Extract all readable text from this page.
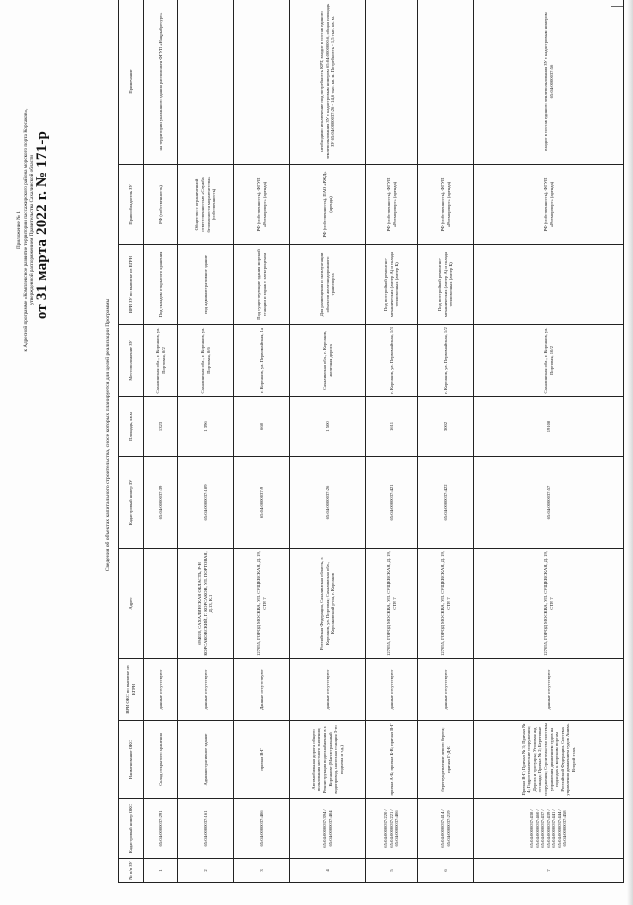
Приложение № 1 к Адресной программе «Комплексное развитие территории пассажирского района морского порта Корсаков», утвержденной распоряжением Правительства Сахалинской области
от 31 марта 2022 г. № 171-р
Сведения об объектах капитального строительства, сносе которых планируется для целей реализации Программы
№ п/п ЗУ	Кадастровый номер ОКС	Наименование ОКС	ВРИ ОКС по выписке из ЕГРН	Адрес	Кадастровый номер ЗУ	Площадь, кв.м	Местоположение ЗУ	ВРИ ЗУ по выписке из ЕГРН	Правообладатель ЗУ	Примечание
1	65:04:0000037:291	Склад открытого хранения	данные отсутствуют		65:04:0000037:39	1323	Сахалинская обл., г. Корсаков, ул. Портовая, 8/2	Под складом открытого хранения	РФ (собственность)	на территории указанного здания расположен ФГУП «Нацрыбресурс»
2	65:04:0000037:161	Административное здание	данные отсутствуют	694020, САХАЛИНСКАЯ ОБЛАСТЬ, Р-Н КОРСАКОВСКИЙ, Г. КОРСАКОВ, УЛ. ПОРТОВАЯ, Д.13, К.1	65:04:0000037:189	1 396	Сахалинская обл., г. Корсаков, ул. Портовая, 8/6	под административное здание	Общество с ограниченной ответственностью «Служба безопасности морагентства» (собственность)	
3	65:04:0000037:406	причал В-Г	Данные отсутствуют	127055, ГОРОД МОСКВА, УЛ. СУЩЕВСКАЯ, Д. 19, СТР. 7	65:04:0000037:9	668	г. Корсаков, ул. Первомайская, 1а	Под существующие здания морской станции и гараж с электроцехом	РФ (собственность), ФГУП «Росморпорт» (аренда)	
4	65:04:0000037:394 / 65:04:0000037:404	Автомобильная дорога общего пользования местного значения; Реконструкция водоснабжения в г. Корсакове (Магистральный водопровод, насосная станция 3-го подъема и т.д.)	данные отсутствуют	Российская Федерация, Сахалинская область, г. Корсаков, ул. Портовая; Сахалинская обл., Корсаковский р-он, г. Корсаков	65:04:0000037:26	1 500	Сахалинская обл., г. Корсаков, железная дорога	Для размещения и эксплуатации объектов железнодорожного транспорта	РФ (собственность), ПАО «РЖД» (аренда)	необходимо исключение под потребность КРТ, входит в состав единого землепользования ЗУ с кадастровым номером 65:04:0000000:6, общая площадь ЗУ 65:04:0000037:26 - 14,6 тыс. кв. м. Потребность - 1,5 тыс. кв. м.
5	65:04:0000037:220 / 65:04:0000037:221 / 65:04:0000037:406	причал А-Б; причал Б-В; причал В-Г	данные отсутствуют	127055, ГОРОД МОСКВА, УЛ. СУЩЕВСКАЯ, Д. 19, СТР. 7	65:04:0000037:421	1611	г. Корсаков, ул. Первомайская, 1/3	Под постройкой ремонтно-механических (литер А) и склада тепловозных (литер Б)	РФ (собственность), ФГУП «Росморпорт» (аренда)	
6	65:04:0000037:414 / 65:04:0000037:219	берегоукрепление левого берега; причал Г-Д-Е	данные отсутствуют	127055, ГОРОД МОСКВА, УЛ. СУЩЕВСКАЯ, Д. 19, СТР. 7	65:04:0000037:422	3002	г. Корсаков, ул. Первомайская, 1/2	Под постройкой ремонтно-механических (литер А) и склада тепловозных (литер Б)	РФ (собственность), ФГУП «Росморпорт» (аренда)	
7	65:04:0000037:438 / 65:04:0000037:460 / 65:04:0000037:437 / 65:04:0000037:439 / 65:04:0000037:441 / 65:04:0000037:444 / 65:04:0000037:458	Причал В-Г; Причал № 3; Причал № 4; Гидротехнические сооружения; Дорога и тротуары; Уголовая жд эстакада; Причал № 2; Береговые сооружения; Строительство системы управления движением судов на подходах к морским портам Российской Федерации. Система управления движением судов Анива. Второй этап.	данные отсутствуют	127055, ГОРОД МОСКВА, УЛ. СУЩЕВСКАЯ, Д. 19, СТР. 7	65:04:0000037:57	19108	Сахалинская обл., г. Корсаков, ул. Портовая, 10/2		РФ (собственность), ФГУП «Росморпорт» (аренда)	входит в состав единого землепользования ЗУ с кадастровым номером 65:04:0000037:56
